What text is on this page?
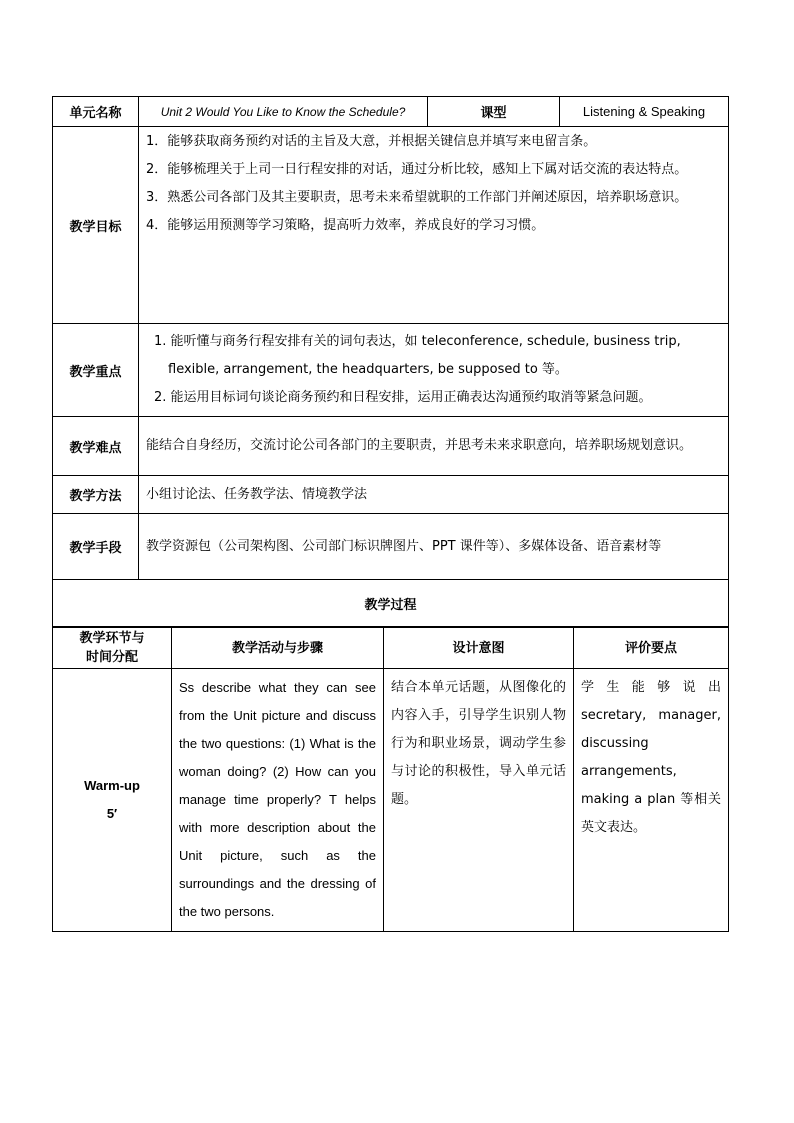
单元名称	Unit 2 Would You Like to Know the Schedule?	课型	Listening & Speaking
教学目标	1．能够获取商务预约对话的主旨及大意，并根据关键信息并填写来电留言条。

2．能够梳理关于上司一日行程安排的对话，通过分析比较，感知上下属对话交流的表达特点。

3．熟悉公司各部门及其主要职责，思考未来希望就职的工作部门并阐述原因，培养职场意识。

4．能够运用预测等学习策略，提高听力效率，养成良好的学习习惯。		

教学重点	1. 能听懂与商务行程安排有关的词句表达，如 teleconference, schedule, business trip, flexible, arrangement, the headquarters, be supposed to 等。
2. 能运用目标词句谈论商务预约和日程安排，运用正确表达沟通预约取消等紧急问题。		

教学难点	能结合自身经历，交流讨论公司各部门的主要职责，并思考未来求职意向，培养职场规划意识。		
教学方法	小组讨论法、任务教学法、情境教学法		
教学手段	教学资源包（公司架构图、公司部门标识牌图片、PPT 课件等）、多媒体设备、语音素材等		
教学过程			
教学环节与时间分配	教学活动与步骤	设计意图	评价要点

Warm-up
5′	Ss describe what they can see from the Unit picture and discuss the two questions: (1) What is the woman doing? (2) How can you manage time properly? T helps with more description about the Unit picture, such as the surroundings and the dressing of the two persons.	结合本单元话题，从图像化的内容入手，引导学生识别人物行为和职业场景，调动学生参与讨论的积极性，导入单元话题。	学生能够说出 secretary, manager, discussing arrangements, making a plan 等相关英文表达。
